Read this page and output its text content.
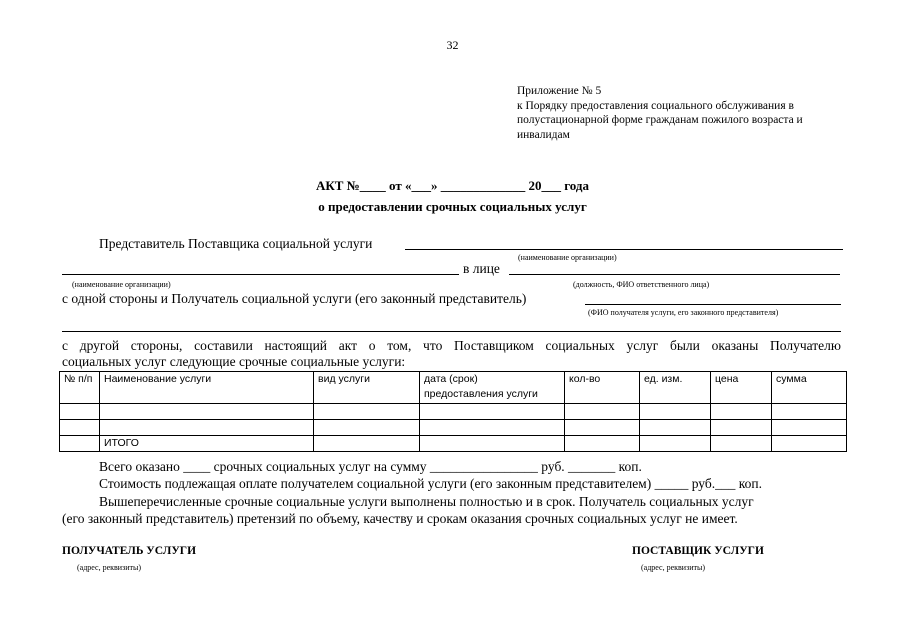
32
Приложение № 5
к Порядку предоставления социального обслуживания в
полустационарной форме гражданам пожилого возраста и
инвалидам
АКТ №____ от «___» _____________ 20___ года
о предоставлении срочных социальных услуг
Представитель Поставщика социальной услуги
(наименование организации)
в лице
(наименование организации)	(должность, ФИО ответственного лица)
с одной стороны и Получатель социальной услуги (его законный представитель)
(ФИО получателя услуги, его законного представителя)
с другой стороны, составили настоящий акт о том, что Поставщиком социальных услуг были оказаны Получателю
социальных услуг следующие срочные социальные услуги:
№ п/п	Наименование услуги	вид услуги	дата (срок) предоставления услуги	кол-во	ед. изм.	цена	сумма

	ИТОГО						
Всего оказано ____ срочных социальных услуг на сумму ________________ руб. _______ коп.
Стоимость подлежащая оплате получателем социальной услуги (его законным представителем) _____ руб.___ коп.
Вышеперечисленные срочные социальные услуги выполнены полностью и в срок. Получатель социальных услуг
(его законный представитель) претензий по объему, качеству и срокам оказания срочных социальных услуг не имеет.
ПОЛУЧАТЕЛЬ УСЛУГИ
(адрес, реквизиты)
ПОСТАВЩИК УСЛУГИ
(адрес, реквизиты)
